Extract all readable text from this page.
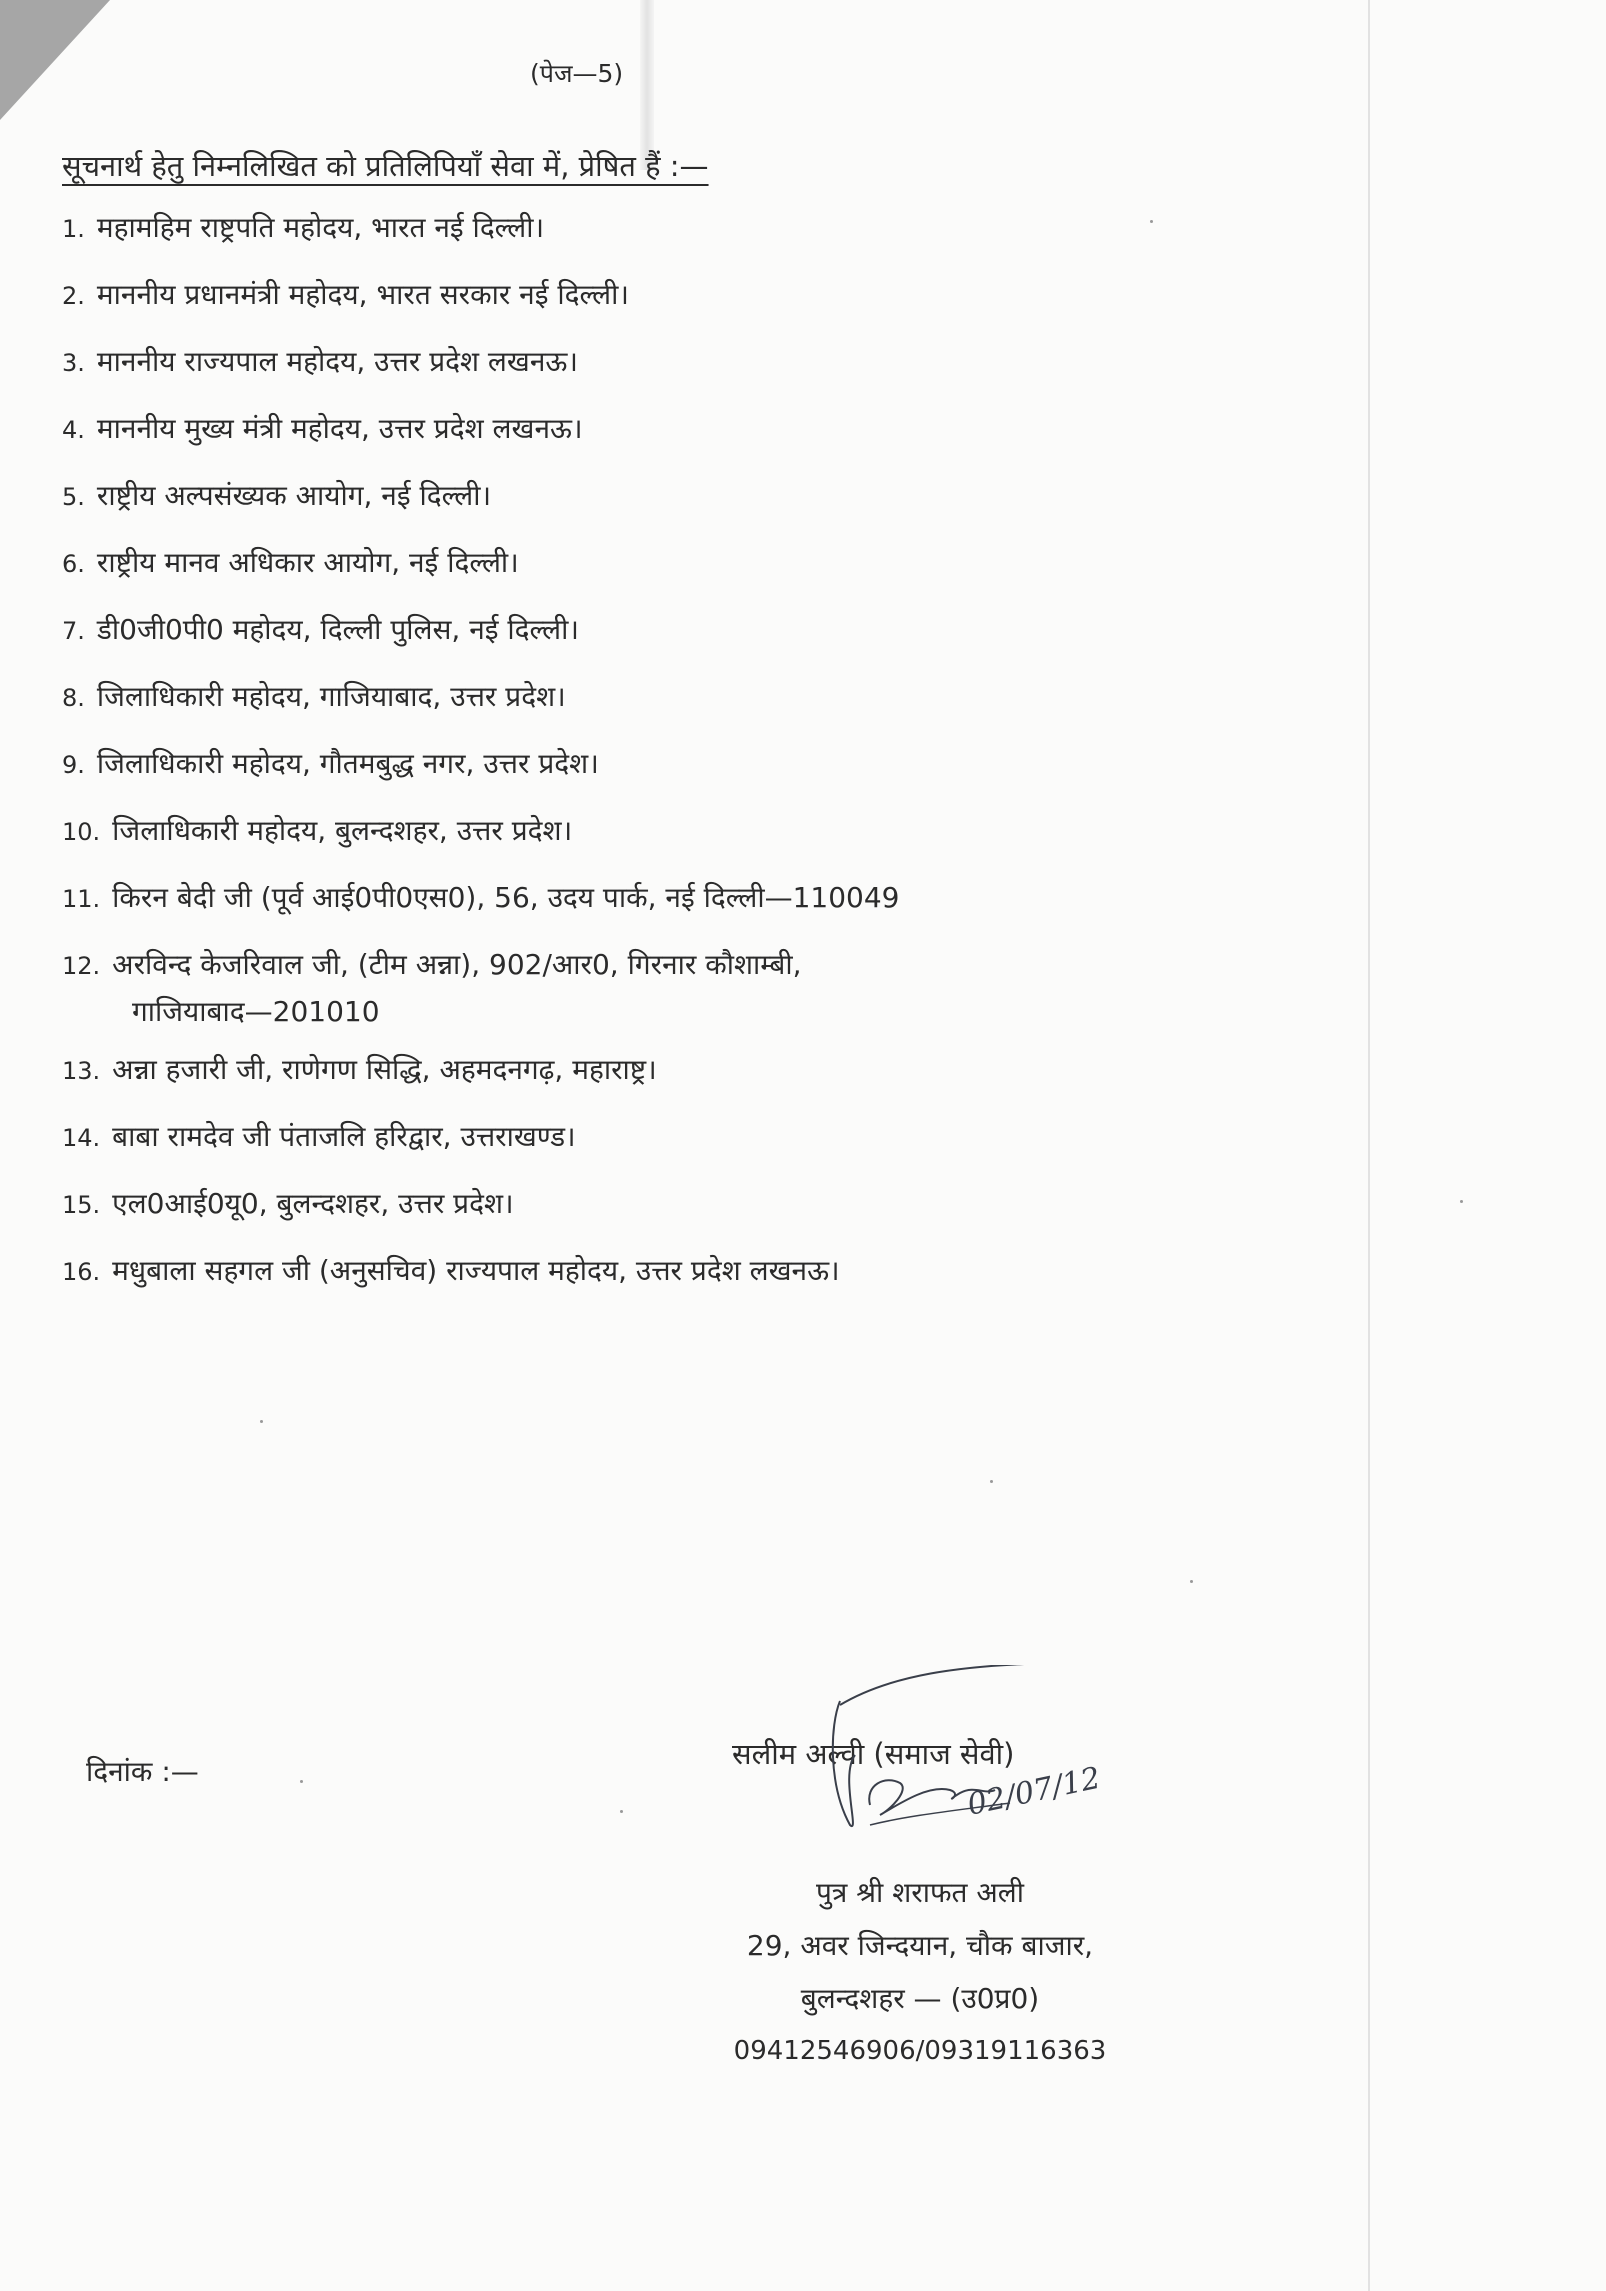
(पेज—5)
सूचनार्थ हेतु निम्नलिखित को प्रतिलिपियाँ सेवा में, प्रेषित हैं :—
1. महामहिम राष्ट्रपति महोदय, भारत नई दिल्ली।
2. माननीय प्रधानमंत्री महोदय, भारत सरकार नई दिल्ली।
3. माननीय राज्यपाल महोदय, उत्तर प्रदेश लखनऊ।
4. माननीय मुख्य मंत्री महोदय, उत्तर प्रदेश लखनऊ।
5. राष्ट्रीय अल्पसंख्यक आयोग, नई दिल्ली।
6. राष्ट्रीय मानव अधिकार आयोग, नई दिल्ली।
7. डी0जी0पी0 महोदय, दिल्ली पुलिस, नई दिल्ली।
8. जिलाधिकारी महोदय, गाजियाबाद, उत्तर प्रदेश।
9. जिलाधिकारी महोदय, गौतमबुद्ध नगर, उत्तर प्रदेश।
10. जिलाधिकारी महोदय, बुलन्दशहर, उत्तर प्रदेश।
11. किरन बेदी जी (पूर्व आई0पी0एस0), 56, उदय पार्क, नई दिल्ली—110049
12. अरविन्द केजरिवाल जी, (टीम अन्ना), 902/आर0, गिरनार कौशाम्बी,
गाजियाबाद—201010
13. अन्ना हजारी जी, राणेगण सिद्धि, अहमदनगढ़, महाराष्ट्र।
14. बाबा रामदेव जी पंताजलि हरिद्वार, उत्तराखण्ड।
15. एल0आई0यू0, बुलन्दशहर, उत्तर प्रदेश।
16. मधुबाला सहगल जी (अनुसचिव) राज्यपाल महोदय, उत्तर प्रदेश लखनऊ।
दिनांक :—
सलीम अल्वी (समाज सेवी)
02/07/12
पुत्र श्री शराफत अली
29, अवर जिन्दयान, चौक बाजार,
बुलन्दशहर — (उ0प्र0)
09412546906/09319116363
